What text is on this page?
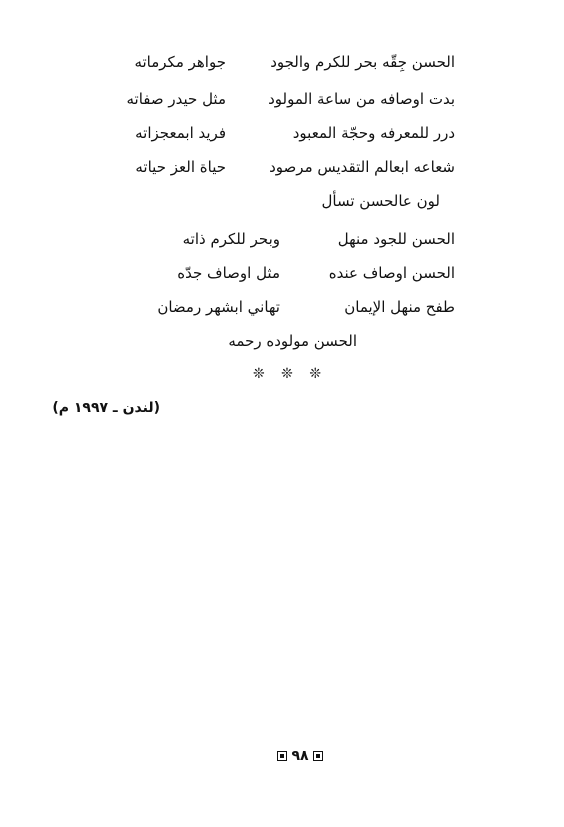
الحسن جِقّه بحر للكرم والجود
جواهر مكرماته
بدت اوصافه من ساعة المولود
مثل حيدر صفاته
درر للمعرفه وحجّة المعبود
فريد ابمعجزاته
شعاعه ابعالم التقديس مرصود
حياة العز حياته
لون عالحسن تسأل
الحسن للجود منهل
وبحر للكرم ذاته
الحسن اوصاف عنده
مثل اوصاف جدّه
طفح منهل الإيمان
تهاني ابشهر رمضان
الحسن مولوده رحمه
❊ ❊ ❊
(لندن ـ ١٩٩٧ م)
٩٨
